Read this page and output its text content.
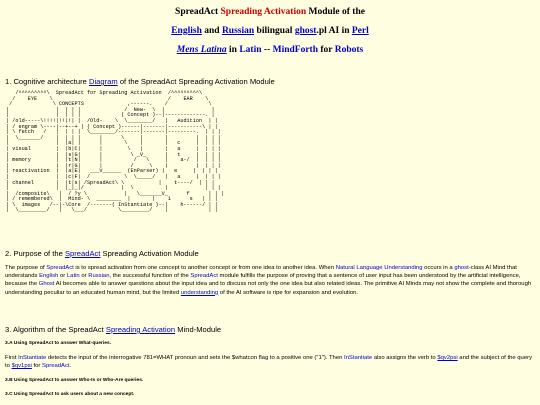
SpreadAct Spreading Activation Module of the
English and Russian bilingual ghost.pl AI in Perl
Mens Latina in Latin -- MindForth for Robots
1. Cognitive architecture Diagram of the SpreadAct Spreading Activation Module
/^^^^^^^^^\  SpreadAct for Spreading Activation  /^^^^^^^^^\
/    EYE    \                                     /    EAR    \
/             \ CONCEPTS              ,------.    /             \
|               |  | | |              /  New-  \  |               |
|               |  | | |             ( Concept )--|-------------. |
| /old-----\!!!!|!!|!| |  /Old-    \  \________/   |   Audition  | |
| / engram \----|--+--+ | ( Concept )------|-------|-----------\ | |
| \ fetch   /   |  | | |  \________/-------|-------|---------.  | | |
|  \_______/    |  | | |      |      \     |       |         |  | | |
|               |  |a| |      |       \    |       |   c     |  | | |
| visual        |  |b|C|      |        \   |       |   a     |  | | |
|               |  |s|G|      |         \ _V_      |   t     |  | | |
| memory        |  |t|N|      |          /   \     |    a-/  |  | | |
|               |  |r|G|      |         /     \    |         |  | | |
| reactivation  |  |a|E|   ___V______  (EnParser) |   e     |  | | |
|               |  |c|F|  /           \  \_____/   |   a     |  | | |
| channel       |  |t|s| /SpreadAct\ \           |    t----/  | | |
|               |  |_|_|/            |  \          |            | | |
|  /composite\   |  / ?y \            |   \_______V_      f      | | |
| / remembered\  |  Mind- \  ________  |       |    i      s   | | |
| \  images   /--|-\Core  /-------( InStantiate )--|    h------/ | |
|  \_________/   |   \___/          \_________/    |             | |
2. Purpose of the SpreadAct Spreading Activation Module
The purpose of SpreadAct is to spread activation from one concept to another concept or from one idea to another idea. When Natural Language Understanding occurs in a ghost-class AI Mind that understands English or Latin or Russian, the successful function of the SpreadAct module fulfills the purpose of proving that a sentence of user input has been understood by the artificial intelligence, because the Ghost AI becomes able to answer questions about the input idea and to discuss not only the one idea but also related ideas. The primitive AI Minds may not show the complete and thorough understanding peculiar to an educated human mind, but the limited understanding of the AI software is ripe for expansion and evolution.
3. Algorithm of the SpreadAct Spreading Activation Mind-Module
3.A Using SpreadAct to answer What-queries.
First InStantiate detects the input of the interrogative 781=WHAT pronoun and sets the $whatcon flag to a positive one ("1"). Then InStantiate also assigns the verb to $qv2psi and the subject of the query to $qv1psi for SpreadAct.
3.B Using SpreadAct to answer Who-Is or Who-Are queries.
3.C Using SpreadAct to ask users about a new concept.
